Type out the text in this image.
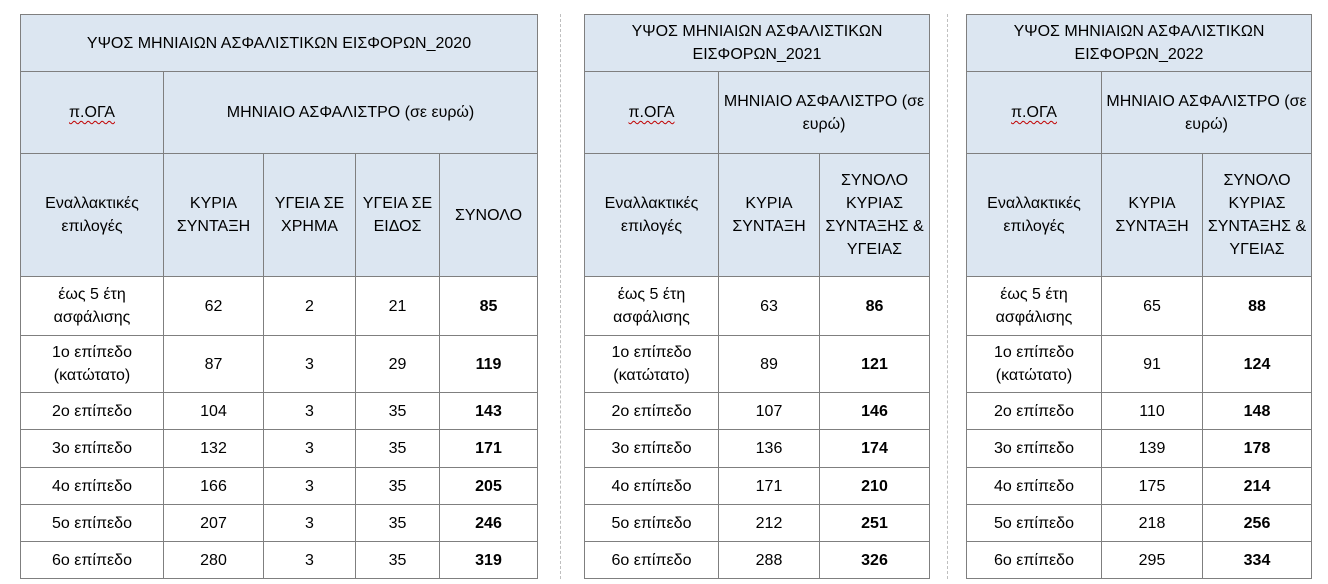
ΥΨΟΣ ΜΗΝΙΑΙΩΝ ΑΣΦΑΛΙΣΤΙΚΩΝ ΕΙΣΦΟΡΩΝ_2020				
π.ΟΓΑ	ΜΗΝΙΑΙΟ ΑΣΦΑΛΙΣΤΡΟ (σε ευρώ)			
Εναλλακτικές επιλογές	ΚΥΡΙΑ ΣΥΝΤΑΞΗ	ΥΓΕΙΑ ΣΕ ΧΡΗΜΑ	ΥΓΕΙΑ ΣΕ ΕΙΔΟΣ	ΣΥΝΟΛΟ
έως 5 έτη ασφάλισης	62	2	21	85
1ο επίπεδο (κατώτατο)	87	3	29	119
2ο επίπεδο	104	3	35	143
3ο επίπεδο	132	3	35	171
4ο επίπεδο	166	3	35	205
5ο επίπεδο	207	3	35	246
6ο επίπεδο	280	3	35	319
ΥΨΟΣ ΜΗΝΙΑΙΩΝ ΑΣΦΑΛΙΣΤΙΚΩΝ ΕΙΣΦΟΡΩΝ_2021		
π.ΟΓΑ	ΜΗΝΙΑΙΟ ΑΣΦΑΛΙΣΤΡΟ (σε ευρώ)	
Εναλλακτικές επιλογές	ΚΥΡΙΑ ΣΥΝΤΑΞΗ	ΣΥΝΟΛΟ ΚΥΡΙΑΣ ΣΥΝΤΑΞΗΣ & ΥΓΕΙΑΣ
έως 5 έτη ασφάλισης	63	86
1ο επίπεδο (κατώτατο)	89	121
2ο επίπεδο	107	146
3ο επίπεδο	136	174
4ο επίπεδο	171	210
5ο επίπεδο	212	251
6ο επίπεδο	288	326
ΥΨΟΣ ΜΗΝΙΑΙΩΝ ΑΣΦΑΛΙΣΤΙΚΩΝ ΕΙΣΦΟΡΩΝ_2022		
π.ΟΓΑ	ΜΗΝΙΑΙΟ ΑΣΦΑΛΙΣΤΡΟ (σε ευρώ)	
Εναλλακτικές επιλογές	ΚΥΡΙΑ ΣΥΝΤΑΞΗ	ΣΥΝΟΛΟ ΚΥΡΙΑΣ ΣΥΝΤΑΞΗΣ & ΥΓΕΙΑΣ
έως 5 έτη ασφάλισης	65	88
1ο επίπεδο (κατώτατο)	91	124
2ο επίπεδο	110	148
3ο επίπεδο	139	178
4ο επίπεδο	175	214
5ο επίπεδο	218	256
6ο επίπεδο	295	334
